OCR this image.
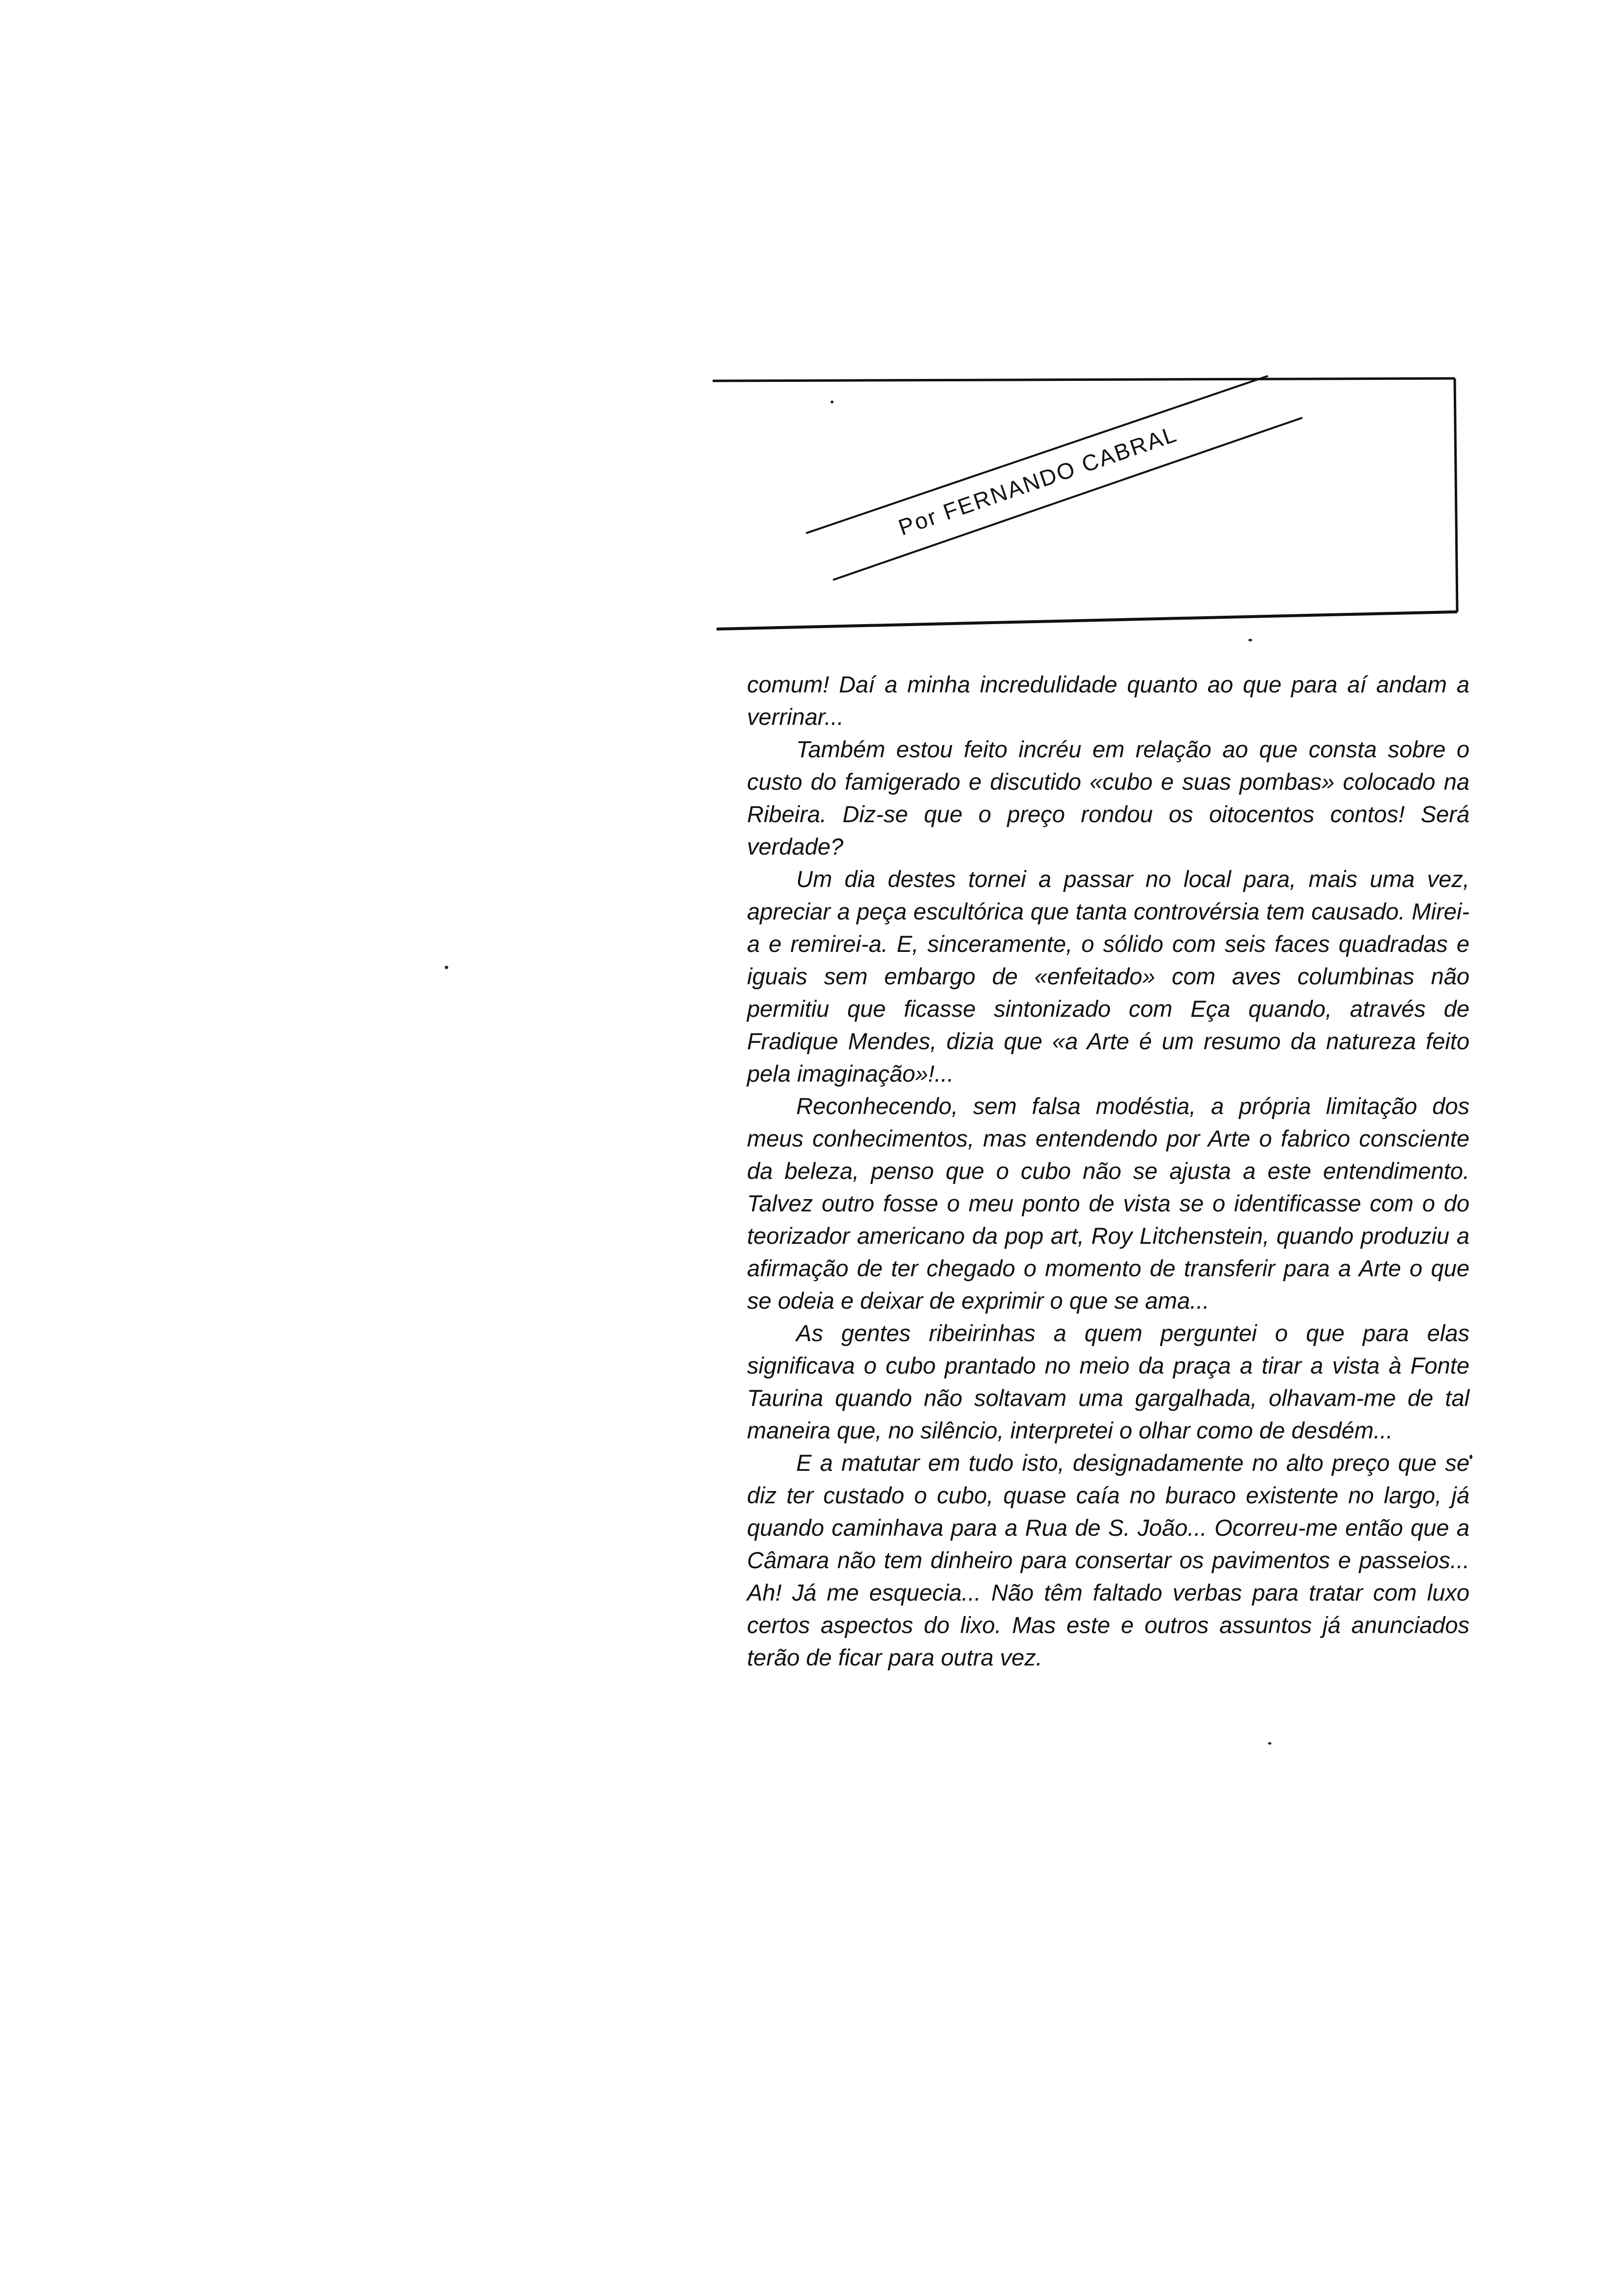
Por FERNANDO CABRAL

comum! Daí a minha incredulidade quanto ao que para aí andam a verrinar...

Também estou feito incréu em relação ao que consta sobre o custo do famigerado e discutido «cubo e suas pombas» colocado na Ribeira. Diz-se que o preço rondou os oitocentos contos! Será verdade?

Um dia destes tornei a passar no local para, mais uma vez, apreciar a peça escultórica que tanta controvérsia tem causado. Mirei-a e remirei-a. E, sinceramente, o sólido com seis faces quadradas e iguais sem embargo de «enfeitado» com aves columbinas não permitiu que ficasse sintonizado com Eça quando, através de Fradique Mendes, dizia que «a Arte é um resumo da natureza feito pela imaginação»!...

Reconhecendo, sem falsa modéstia, a própria limitação dos meus conhecimentos, mas entendendo por Arte o fabrico consciente da beleza, penso que o cubo não se ajusta a este entendimento. Talvez outro fosse o meu ponto de vista se o identificasse com o do teorizador americano da pop art, Roy Litchenstein, quando produziu a afirmação de ter chegado o momento de transferir para a Arte o que se odeia e deixar de exprimir o que se ama...

As gentes ribeirinhas a quem perguntei o que para elas significava o cubo prantado no meio da praça a tirar a vista à Fonte Taurina quando não soltavam uma gargalhada, olhavam-me de tal maneira que, no silêncio, interpretei o olhar como de desdém...

E a matutar em tudo isto, designadamente no alto preço que se diz ter custado o cubo, quase caía no buraco existente no largo, já quando caminhava para a Rua de S. João... Ocorreu-me então que a Câmara não tem dinheiro para consertar os pavimentos e passeios... Ah! Já me esquecia... Não têm faltado verbas para tratar com luxo certos aspectos do lixo. Mas este e outros assuntos já anunciados terão de ficar para outra vez.
